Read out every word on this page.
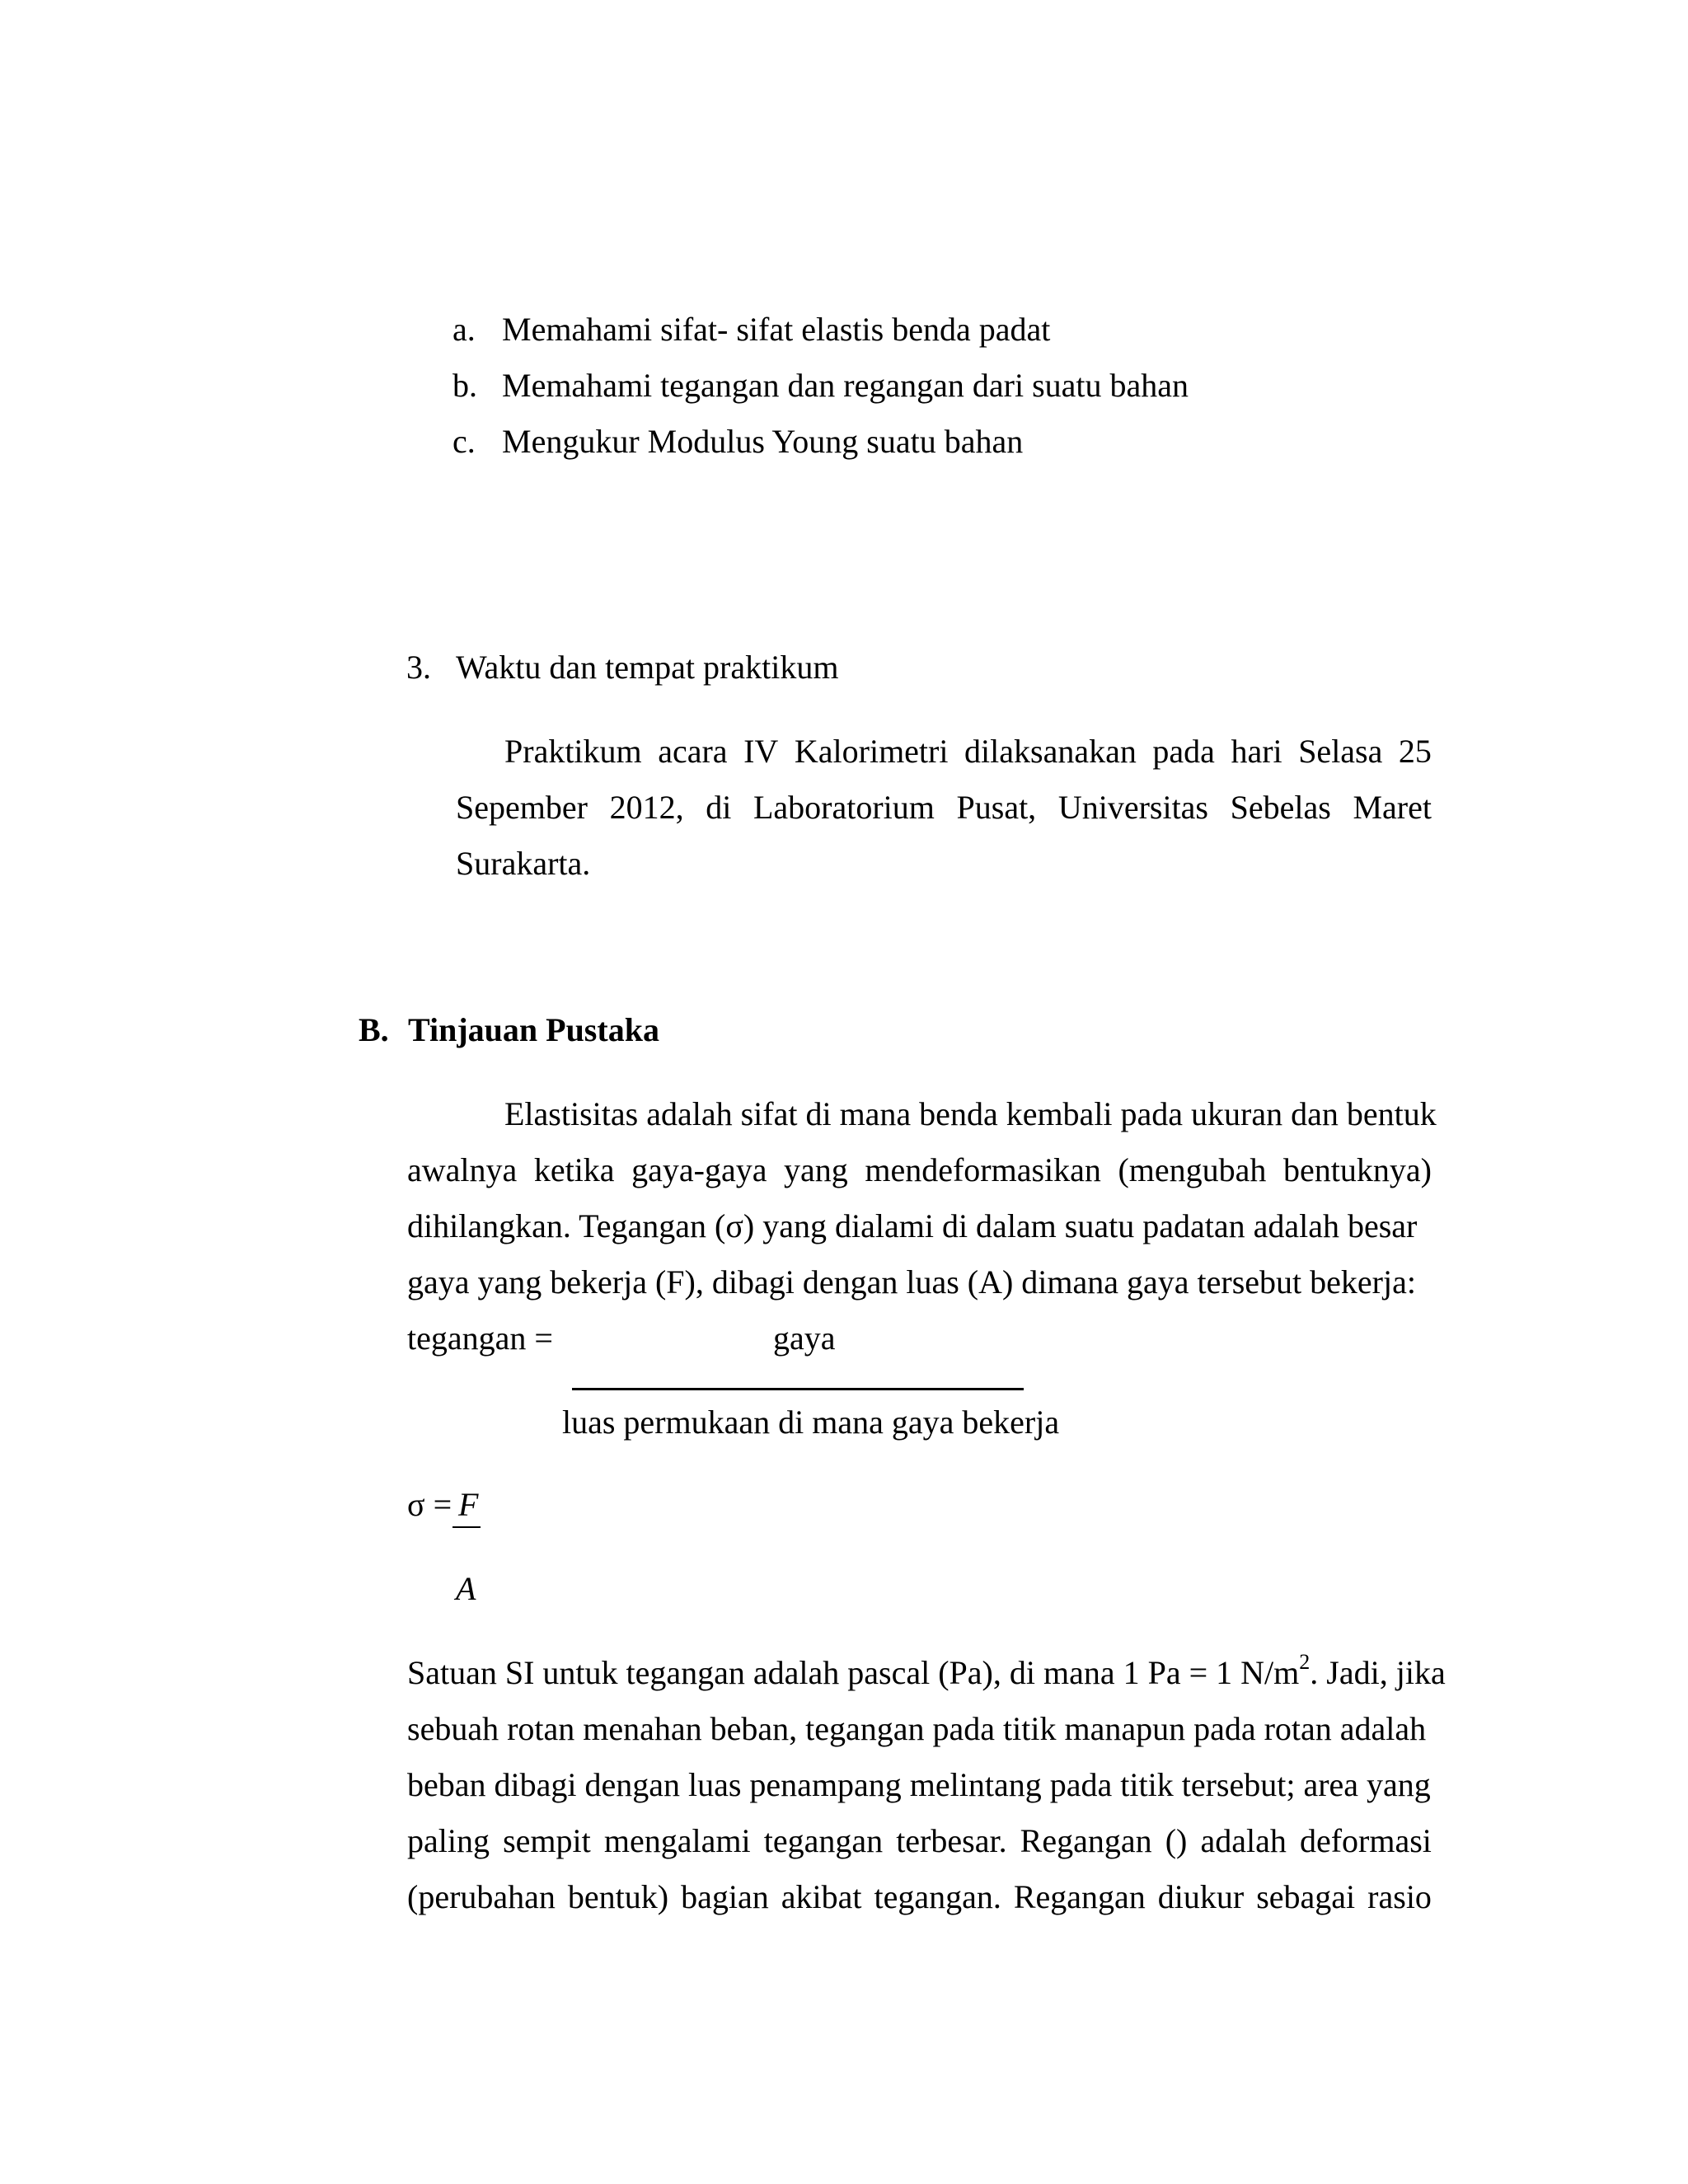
a. Memahami sifat- sifat elastis benda padat
b. Memahami tegangan dan regangan dari suatu bahan
c. Mengukur Modulus Young suatu bahan
3. Waktu dan tempat praktikum
Praktikum acara IV Kalorimetri dilaksanakan pada hari Selasa 25
Sepember 2012, di Laboratorium Pusat, Universitas Sebelas Maret
Surakarta.
B. Tinjauan Pustaka
Elastisitas adalah sifat di mana benda kembali pada ukuran dan bentuk
awalnya ketika gaya-gaya yang mendeformasikan (mengubah bentuknya)
dihilangkan. Tegangan (σ) yang dialami di dalam suatu padatan adalah besar
gaya yang bekerja (F), dibagi dengan luas (A) dimana gaya tersebut bekerja:
tegangan =	gaya
luas permukaan di mana gaya bekerja
σ = F
A
Satuan SI untuk tegangan adalah pascal (Pa), di mana 1 Pa = 1 $N/m^2$. Jadi, jika
sebuah rotan menahan beban, tegangan pada titik manapun pada rotan adalah
beban dibagi dengan luas penampang melintang pada titik tersebut; area yang
paling sempit mengalami tegangan terbesar. Regangan () adalah deformasi
(perubahan bentuk) bagian akibat tegangan. Regangan diukur sebagai rasio
